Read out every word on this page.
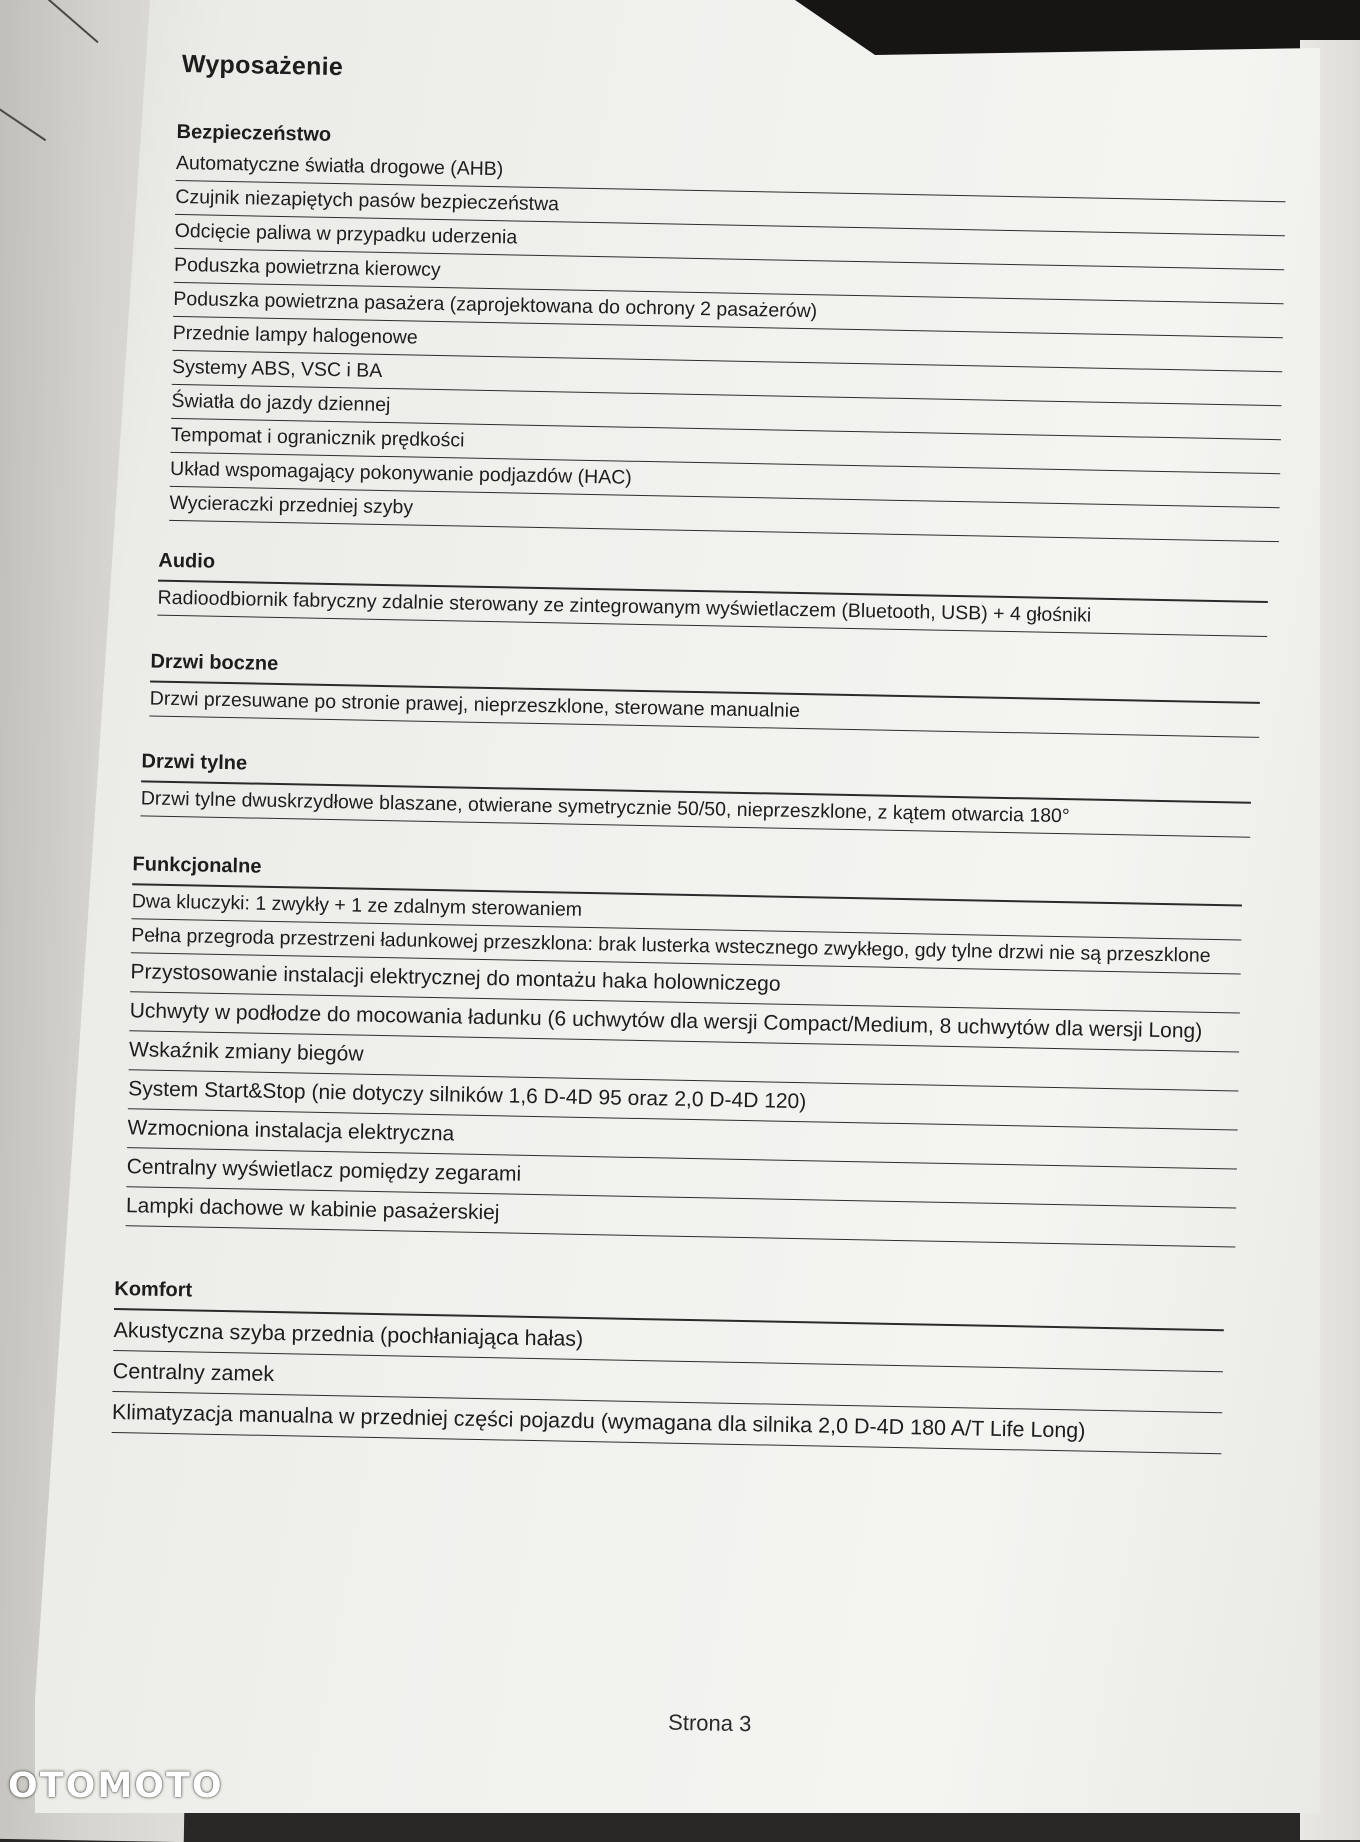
Wyposażenie
Bezpieczeństwo
Automatyczne światła drogowe (AHB)
Czujnik niezapiętych pasów bezpieczeństwa
Odcięcie paliwa w przypadku uderzenia
Poduszka powietrzna kierowcy
Poduszka powietrzna pasażera (zaprojektowana do ochrony 2 pasażerów)
Przednie lampy halogenowe
Systemy ABS, VSC i BA
Światła do jazdy dziennej
Tempomat i ogranicznik prędkości
Układ wspomagający pokonywanie podjazdów (HAC)
Wycieraczki przedniej szyby
Audio
Radioodbiornik fabryczny zdalnie sterowany ze zintegrowanym wyświetlaczem (Bluetooth, USB) + 4 głośniki
Drzwi boczne
Drzwi przesuwane po stronie prawej, nieprzeszklone, sterowane manualnie
Drzwi tylne
Drzwi tylne dwuskrzydłowe blaszane, otwierane symetrycznie 50/50, nieprzeszklone, z kątem otwarcia 180°
Funkcjonalne
Dwa kluczyki: 1 zwykły + 1 ze zdalnym sterowaniem
Pełna przegroda przestrzeni ładunkowej przeszklona: brak lusterka wstecznego zwykłego, gdy tylne drzwi nie są przeszklone
Przystosowanie instalacji elektrycznej do montażu haka holowniczego
Uchwyty w podłodze do mocowania ładunku (6 uchwytów dla wersji Compact/Medium, 8 uchwytów dla wersji Long)
Wskaźnik zmiany biegów
System Start&Stop (nie dotyczy silników 1,6 D-4D 95 oraz 2,0 D-4D 120)
Wzmocniona instalacja elektryczna
Centralny wyświetlacz pomiędzy zegarami
Lampki dachowe w kabinie pasażerskiej
Komfort
Akustyczna szyba przednia (pochłaniająca hałas)
Centralny zamek
Klimatyzacja manualna w przedniej części pojazdu (wymagana dla silnika 2,0 D-4D 180 A/T Life Long)
Strona 3
OTOMOTO
